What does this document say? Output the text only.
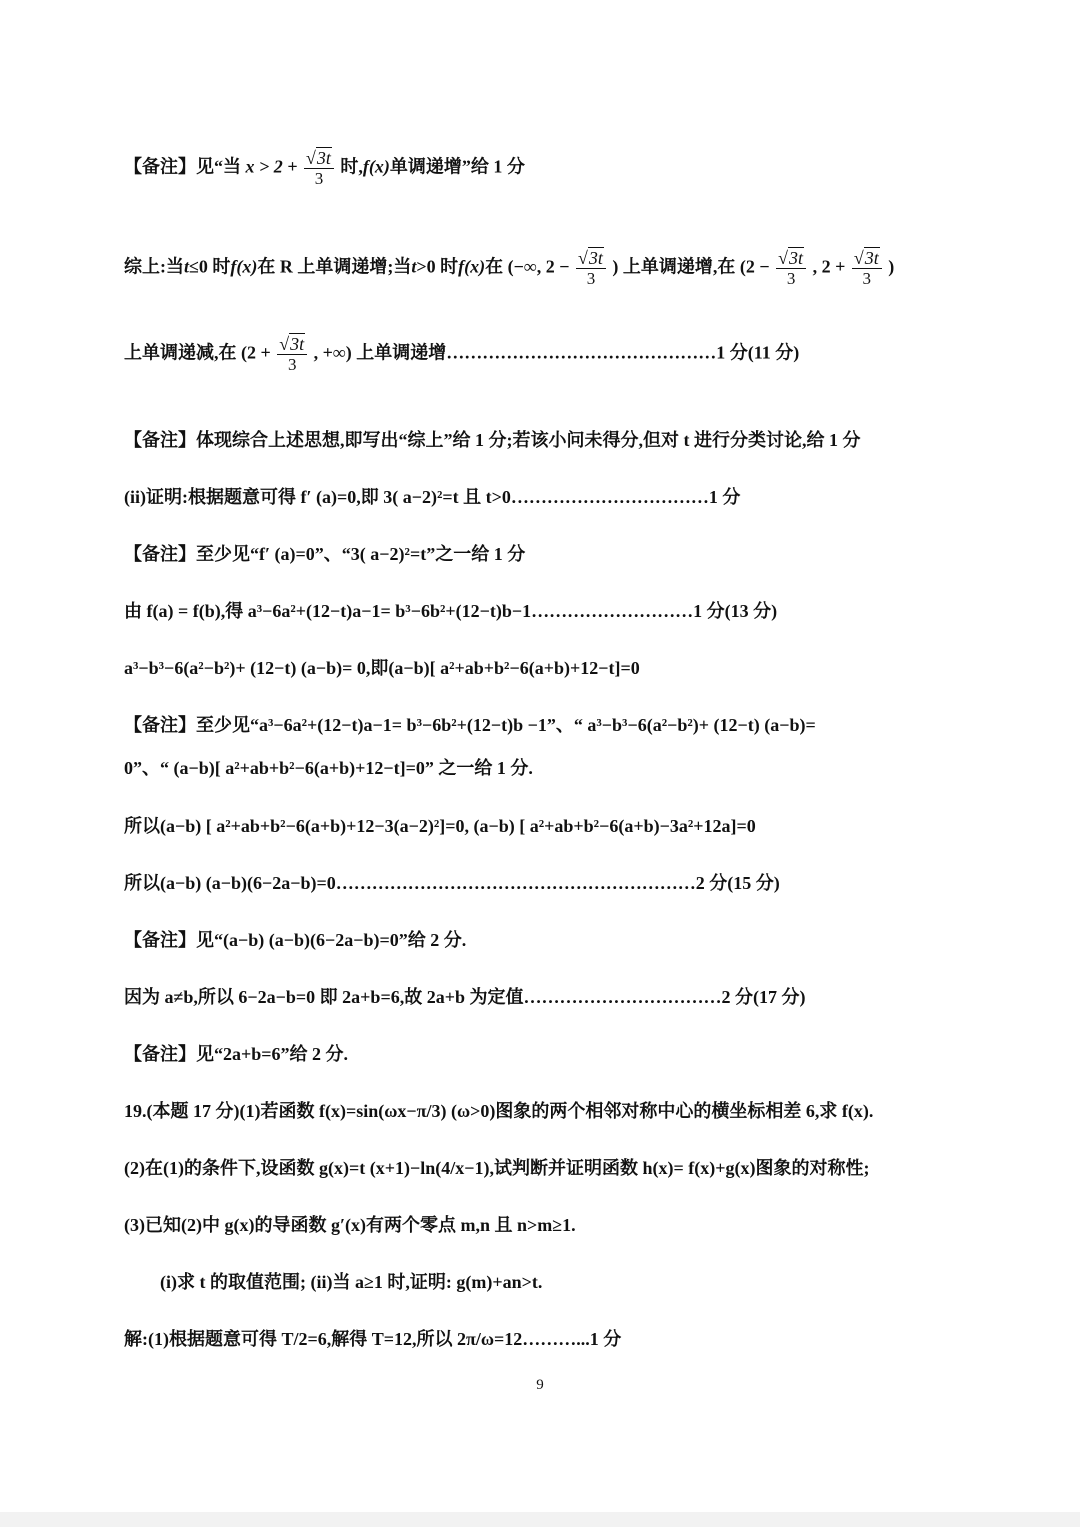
【备注】见“当 $x > 2 + \frac{√3t}{3}$ 时,f(x)单调递增”给 1 分
综上:当t≤0 时f(x)在 R 上单调递增;当t>0 时f(x)在 (−∞, $2 - \frac{√3t}{3}$ ) 上单调递增,在 ($2 - \frac{√3t}{3}$ , $2 + \frac{√3t}{3}$ )
上单调递减,在 ($2 + \frac{√3t}{3}$ , +∞) 上单调递增………………………………………1 分(11 分)
【备注】体现综合上述思想,即写出“综上”给 1 分;若该小问未得分,但对 t 进行分类讨论,给 1 分
(ii)证明:根据题意可得 f′ (a)=0,即 3( a−2)²=t 且 t>0……………………………1 分
【备注】至少见“f′ (a)=0”、“3( a−2)²=t”之一给 1 分
由 f(a) = f(b),得 a³−6a²+(12−t)a−1= b³−6b²+(12−t)b−1………………………1 分(13 分)
a³−b³−6(a²−b²)+ (12−t) (a−b)= 0,即(a−b)[ a²+ab+b²−6(a+b)+12−t]=0
【备注】至少见“a³−6a²+(12−t)a−1= b³−6b²+(12−t)b −1”、“ a³−b³−6(a²−b²)+ (12−t) (a−b)=
0”、“ (a−b)[ a²+ab+b²−6(a+b)+12−t]=0” 之一给 1 分.
所以(a−b) [ a²+ab+b²−6(a+b)+12−3(a−2)²]=0, (a−b) [ a²+ab+b²−6(a+b)−3a²+12a]=0
所以(a−b) (a−b)(6−2a−b)=0……………………………………………………2 分(15 分)
【备注】见“(a−b) (a−b)(6−2a−b)=0”给 2 分.
因为 a≠b,所以 6−2a−b=0 即 2a+b=6,故 2a+b 为定值……………………………2 分(17 分)
【备注】见“2a+b=6”给 2 分.
19.(本题 17 分)(1)若函数 f(x)=sin(ωx−π/3) (ω>0)图象的两个相邻对称中心的横坐标相差 6,求 f(x).
(2)在(1)的条件下,设函数 g(x)=t (x+1)−ln(4/x−1),试判断并证明函数 h(x)= f(x)+g(x)图象的对称性;
(3)已知(2)中 g(x)的导函数 g′(x)有两个零点 m,n 且 n>m≥1.
(i)求 t 的取值范围; (ii)当 a≥1 时,证明: g(m)+an>t.
解:(1)根据题意可得 T/2=6,解得 T=12,所以 2π/ω=12………...1 分
9
